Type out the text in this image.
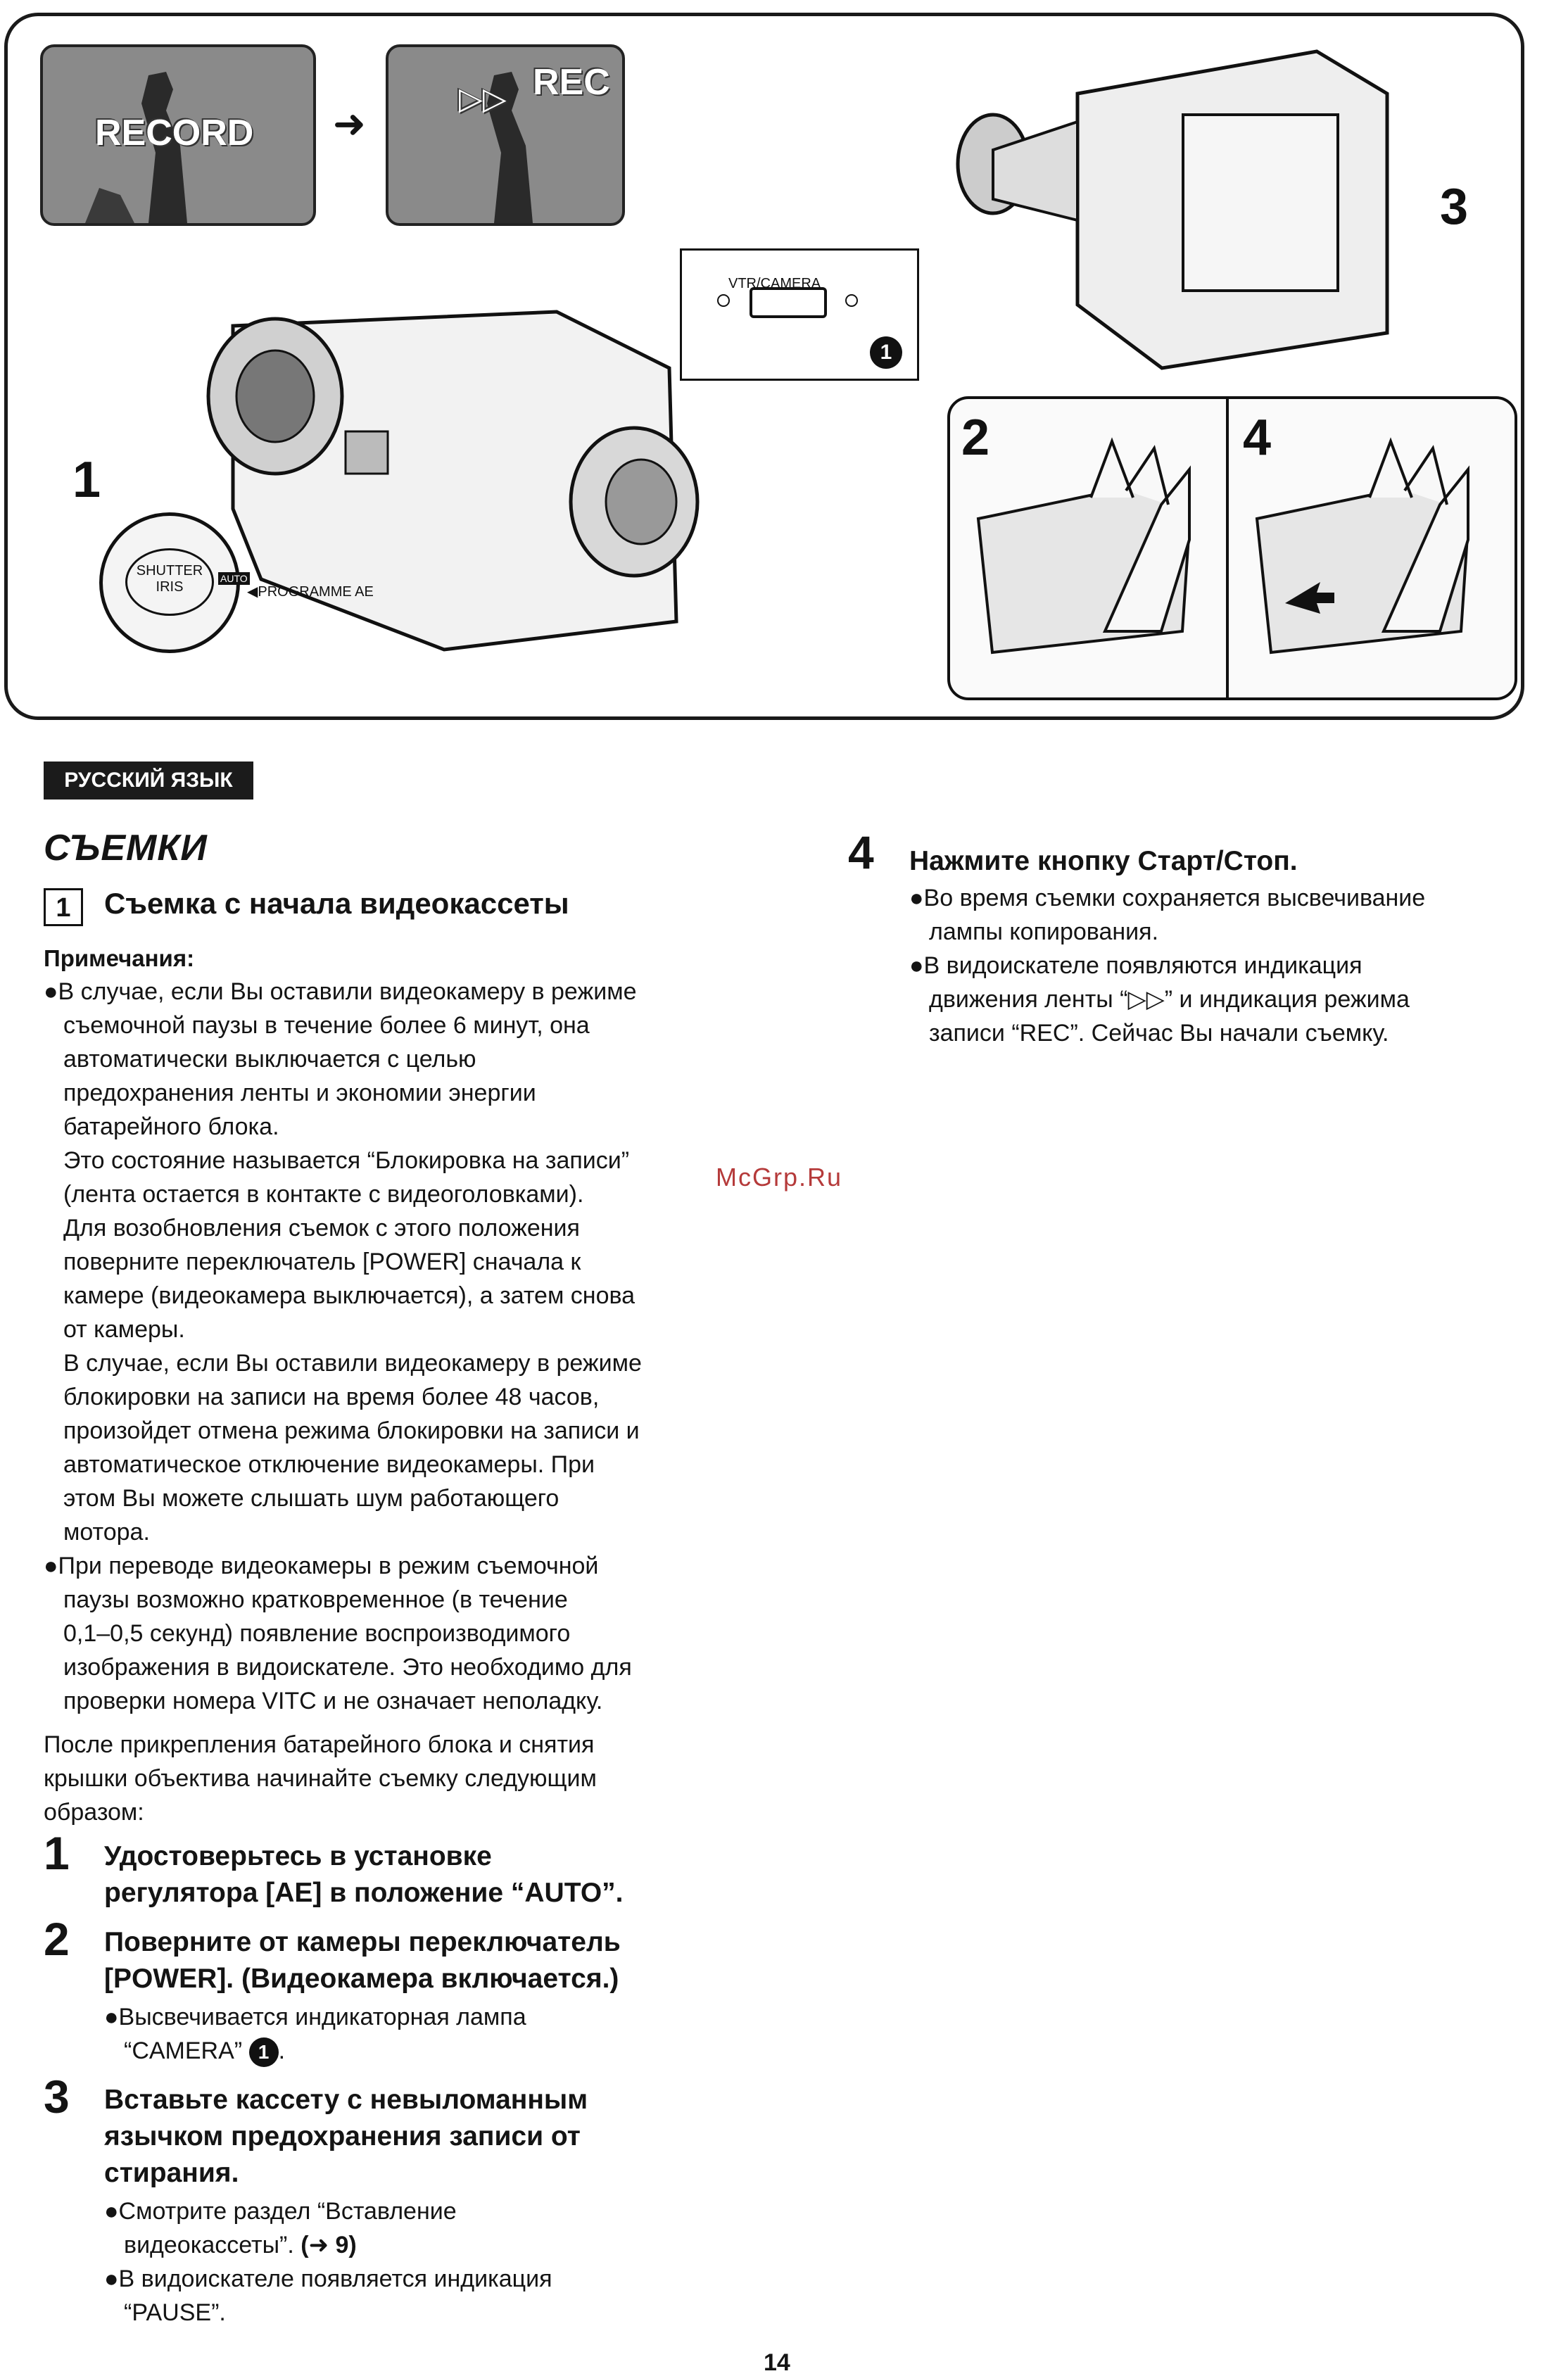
RECORD ➜
▷▷ REC
VTR/CAMERA
1
1
SHUTTER
IRIS
AUTO
◀PROGRAMME AE
3
2	4
РУССКИЙ ЯЗЫК
СЪЕМКИ
1	Съемка с начала видеокассеты
Примечания:
●В случае, если Вы оставили видеокамеру в режиме
съемочной паузы в течение более 6 минут, она
автоматически выключается с целью
предохранения ленты и экономии энергии
батарейного блока.
Это состояние называется “Блокировка на записи”
(лента остается в контакте с видеоголовками).
Для возобновления съемок с этого положения
поверните переключатель [POWER] сначала к
камере (видеокамера выключается), а затем снова
от камеры.
В случае, если Вы оставили видеокамеру в режиме
блокировки на записи на время более 48 часов,
произойдет отмена режима блокировки на записи и
автоматическое отключение видеокамеры. При
этом Вы можете слышать шум работающего
мотора.
●При переводе видеокамеры в режим съемочной
паузы возможно кратковременное (в течение
0,1–0,5 секунд) появление воспроизводимого
изображения в видоискателе. Это необходимо для
проверки номера VITC и не означает неполадку.
После прикрепления батарейного блока и снятия
крышки объектива начинайте съемку следующим
образом:
1 Удостоверьтесь в установке
регулятора [AE] в положение “AUTO”.
2 Поверните от камеры переключатель
[POWER]. (Видеокамера включается.)
●Высвечивается индикаторная лампа
“CAMERA” 1 .
3 Вставьте кассету с невыломанным
язычком предохранения записи от
стирания.
●Смотрите раздел “Вставление
видеокассеты”. (➜ 9)
●В видоискателе появляется индикация
“PAUSE”.
4 Нажмите кнопку Старт/Стоп.
●Во время съемки сохраняется высвечивание
лампы копирования.
●В видоискателе появляются индикация
движения ленты “▷▷” и индикация режима
записи “REC”. Сейчас Вы начали съемку.
McGrp.Ru
14
